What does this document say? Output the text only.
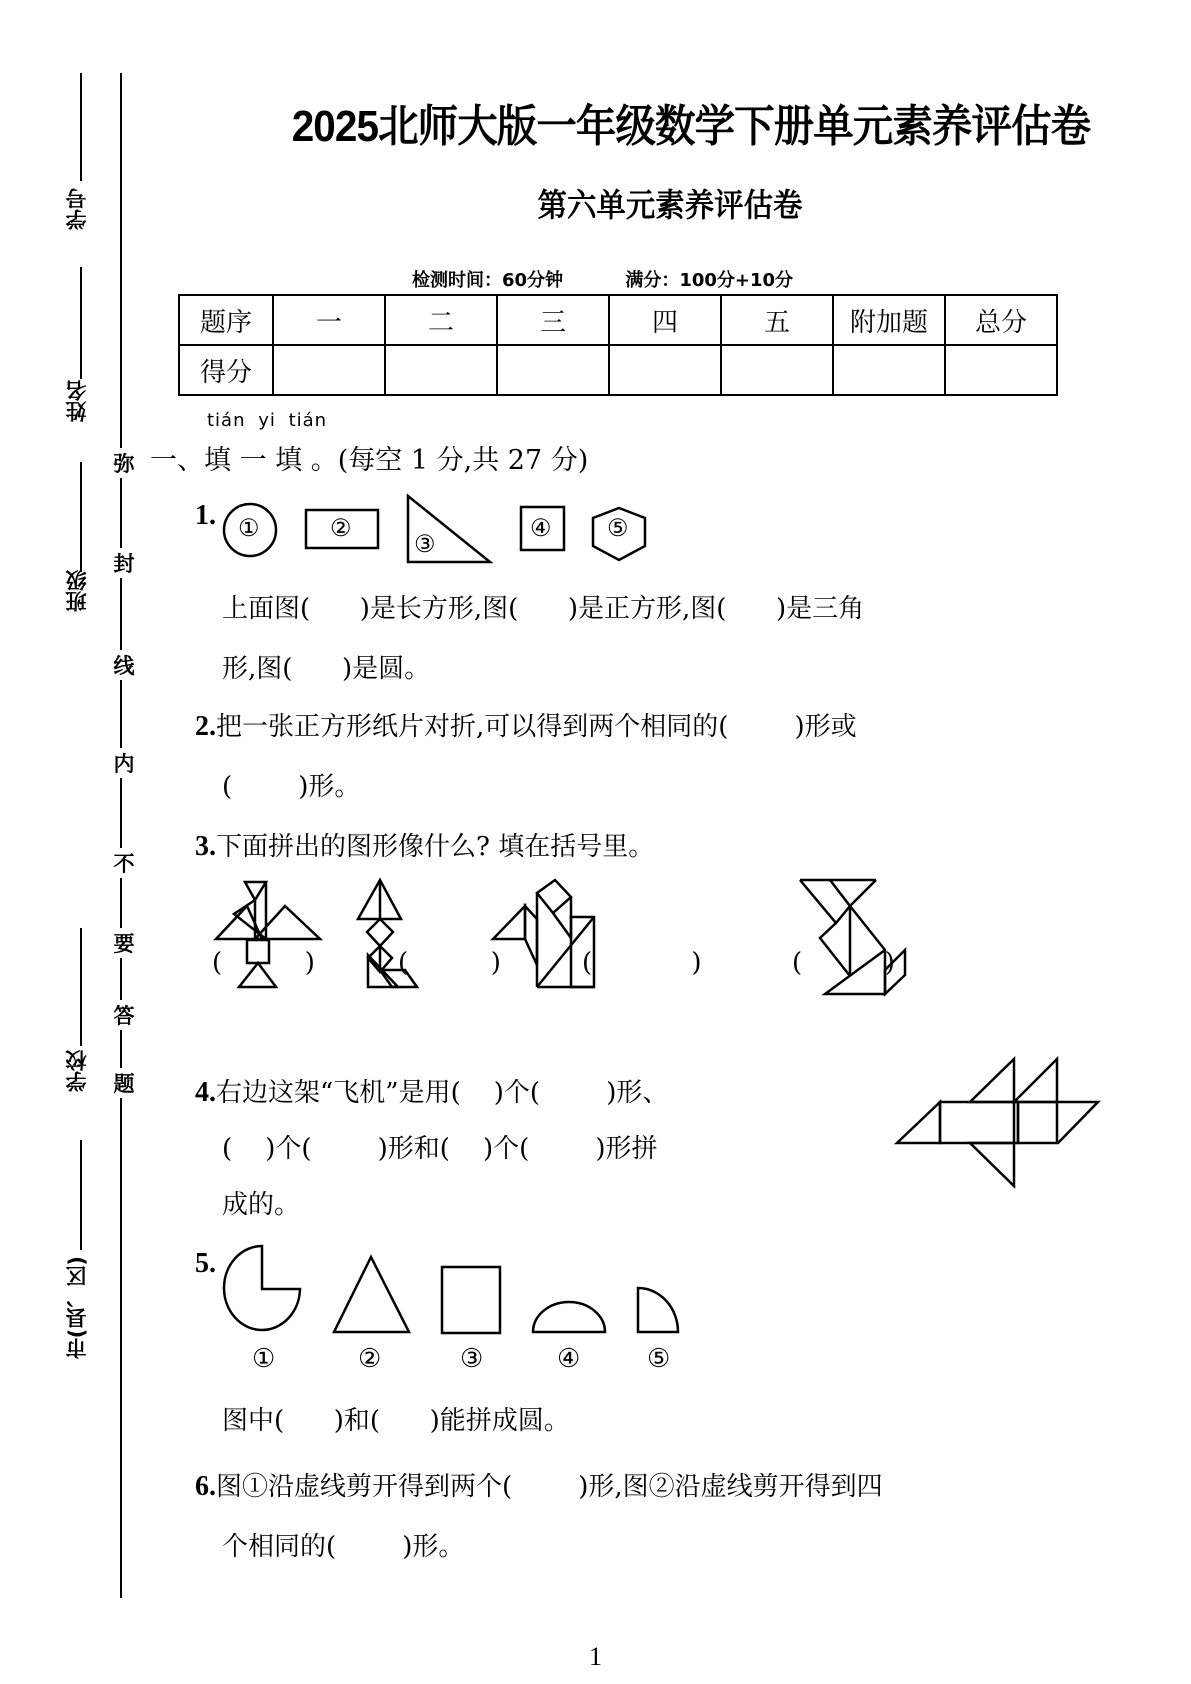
学号
姓名
班级
学校
市(县、区)
弥
封
线
内
不
要
答
题
2025北师大版一年级数学下册单元素养评估卷
第六单元素养评估卷
检测时间：60分钟	满分：100分+10分
题序	一	二	三	四	五	附加题	总分
得分							
tián yi tián
一、填 一 填 。(每空 1 分,共 27 分)
1. ①	②
③
④ ⑤
上面图(      )是长方形,图(      )是正方形,图(      )是三角
形,图(      )是圆。
2.把一张正方形纸片对折,可以得到两个相同的(        )形或
(        )形。
3.下面拼出的图形像什么? 填在括号里。
(          )	(          )	(            )	(          )
4.右边这架“飞机”是用(    )个(        )形、
(    )个(        )形和(    )个(        )形拼
成的。
5.
①	②	③	④	⑤
图中(      )和(      )能拼成圆。
6.图①沿虚线剪开得到两个(        )形,图②沿虚线剪开得到四
个相同的(        )形。
1
